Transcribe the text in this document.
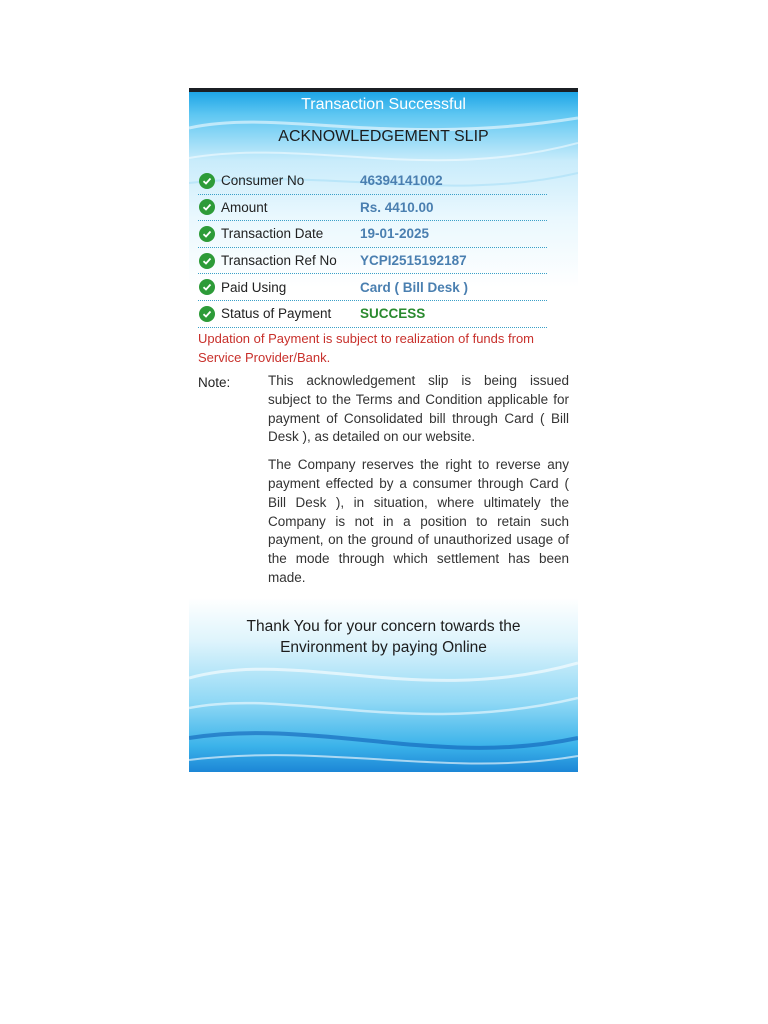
Transaction Successful
ACKNOWLEDGEMENT SLIP
Consumer No	46394141002
Amount	Rs. 4410.00
Transaction Date	19-01-2025
Transaction Ref No	YCPI2515192187
Paid Using	Card ( Bill Desk )
Status of Payment	SUCCESS
Updation of Payment is subject to realization of funds from Service Provider/Bank.
Note:	This acknowledgement slip is being issued subject to the Terms and Condition applicable for payment of Consolidated bill through Card ( Bill Desk ), as detailed on our website.

The Company reserves the right to reverse any payment effected by a consumer through Card ( Bill Desk ), in situation, where ultimately the Company is not in a position to retain such payment, on the ground of unauthorized usage of the mode through which settlement has been made.

Thank You for your concern towards the
Environment by paying Online
